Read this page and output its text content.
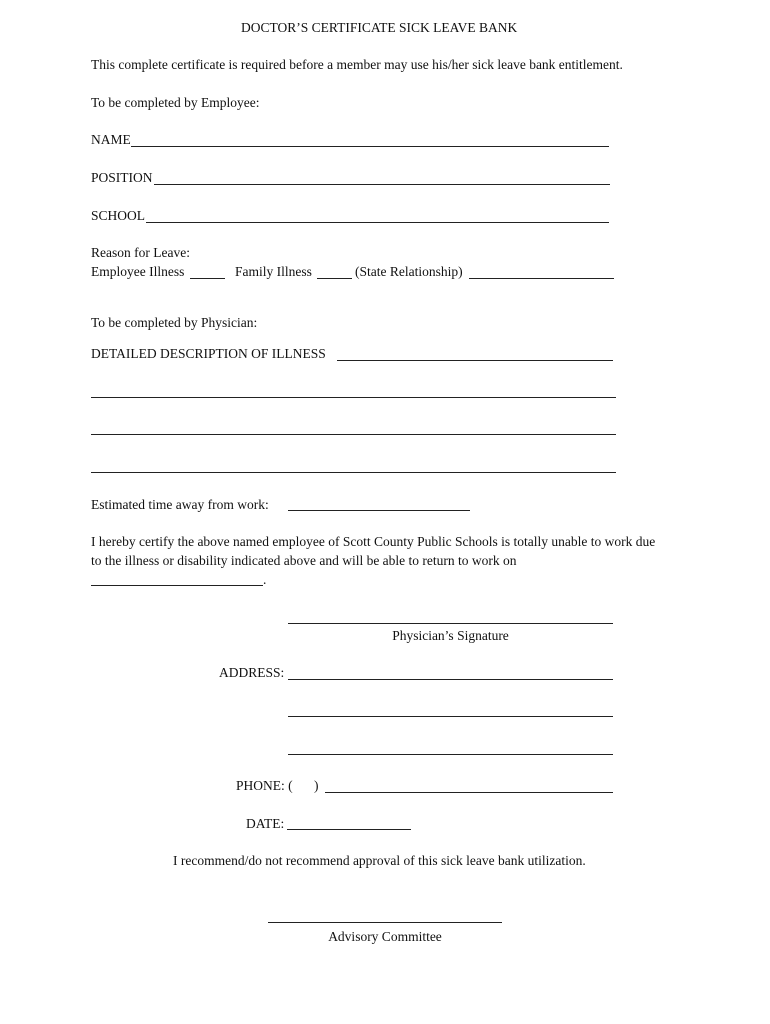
DOCTOR’S CERTIFICATE SICK LEAVE BANK
This complete certificate is required before a member may use his/her sick leave bank entitlement.
To be completed by Employee:
NAME
POSITION
SCHOOL
Reason for Leave:
Employee Illness	Family Illness	(State Relationship)
To be completed by Physician:
DETAILED DESCRIPTION OF ILLNESS
Estimated time away from work:
I hereby certify the above named employee of Scott County Public Schools is totally unable to work due
to the illness or disability indicated above and will be able to return to work on
.
Physician’s Signature
ADDRESS:
PHONE: ( )
DATE:
I recommend/do not recommend approval of this sick leave bank utilization.
Advisory Committee
